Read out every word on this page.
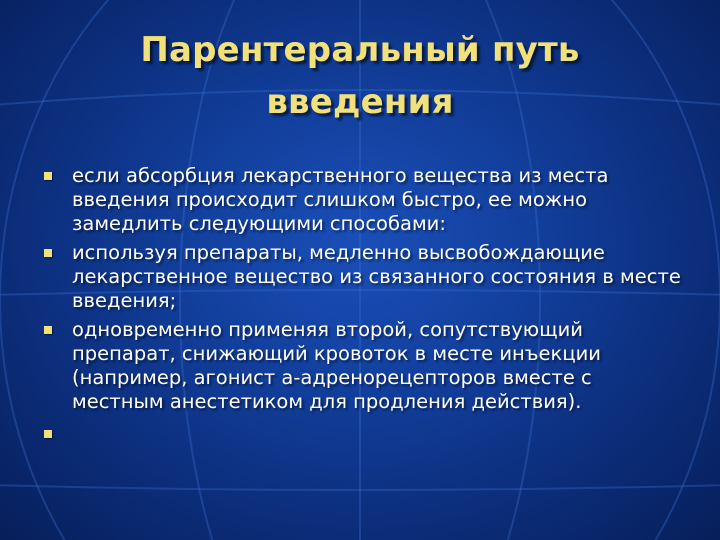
Парентеральный путь
введения
если абсорбция лекарственного вещества из места введения происходит слишком быстро, ее можно замедлить следующими способами:
используя препараты, медленно высвобождающие лекарственное вещество из связанного состояния в месте введения;
одновременно применяя второй, сопутствующий препарат, снижающий кровоток в месте инъекции (например, агонист а-адренорецепторов вместе с местным анестетиком для продления действия).
